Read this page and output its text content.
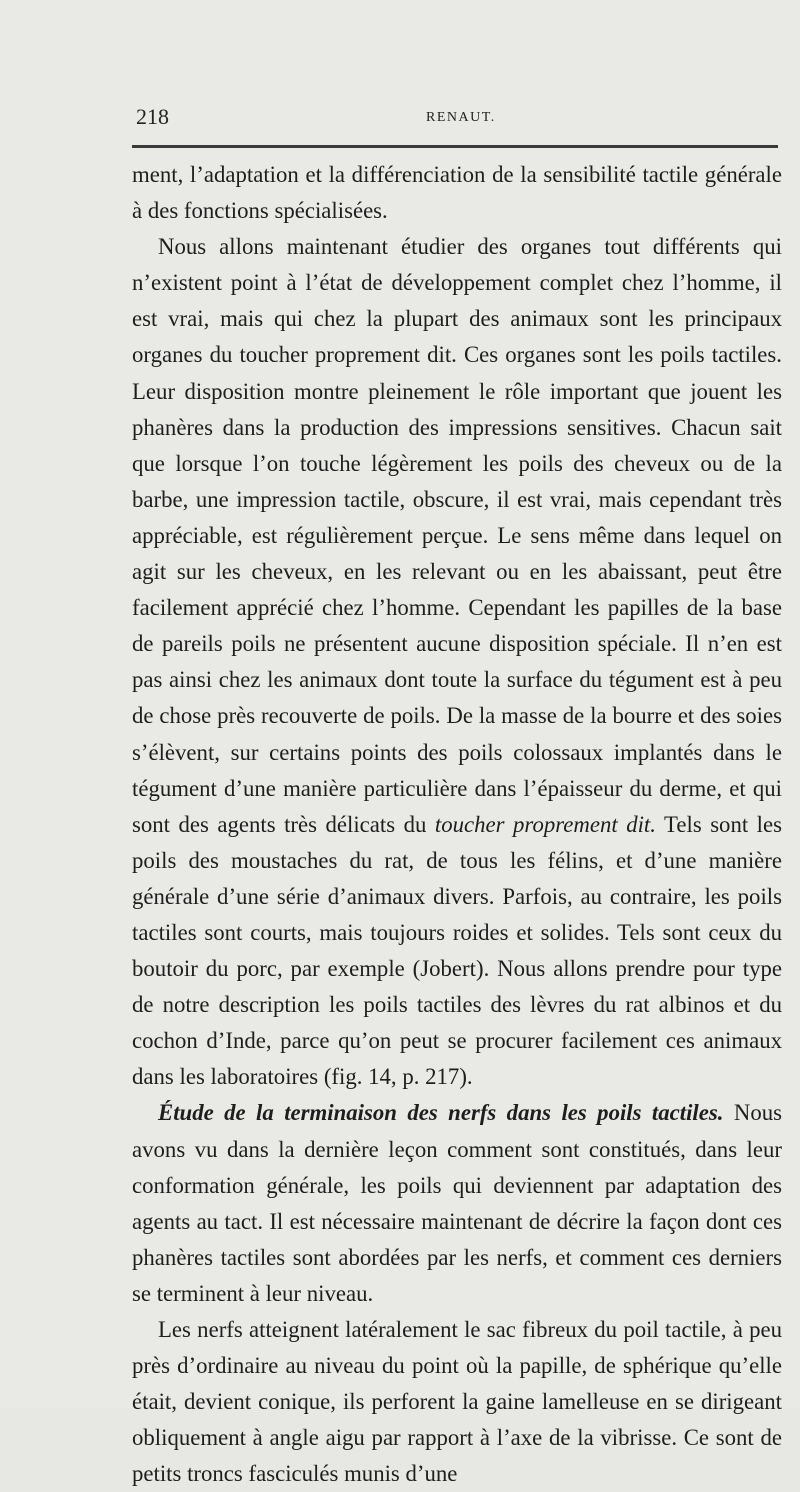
218	RENAUT.

ment, l’adaptation et la différenciation de la sensibilité tactile générale à des fonctions spécialisées.

Nous allons maintenant étudier des organes tout différents qui n’existent point à l’état de développement complet chez l’homme, il est vrai, mais qui chez la plupart des animaux sont les principaux organes du toucher proprement dit. Ces organes sont les poils tactiles. Leur disposition montre pleinement le rôle important que jouent les phanères dans la production des impressions sensitives. Chacun sait que lorsque l’on touche légèrement les poils des cheveux ou de la barbe, une impression tactile, obscure, il est vrai, mais cependant très appréciable, est régulièrement perçue. Le sens même dans lequel on agit sur les cheveux, en les relevant ou en les abaissant, peut être facilement apprécié chez l’homme. Cependant les papilles de la base de pareils poils ne présentent aucune disposition spéciale. Il n’en est pas ainsi chez les animaux dont toute la surface du tégument est à peu de chose près recouverte de poils. De la masse de la bourre et des soies s’élèvent, sur certains points des poils colossaux implantés dans le tégument d’une manière particulière dans l’épaisseur du derme, et qui sont des agents très délicats du toucher proprement dit. Tels sont les poils des moustaches du rat, de tous les félins, et d’une manière générale d’une série d’animaux divers. Parfois, au contraire, les poils tactiles sont courts, mais toujours roides et solides. Tels sont ceux du boutoir du porc, par exemple (Jobert). Nous allons prendre pour type de notre description les poils tactiles des lèvres du rat albinos et du cochon d’Inde, parce qu’on peut se procurer facilement ces animaux dans les laboratoires (fig. 14, p. 217).

Étude de la terminaison des nerfs dans les poils tactiles. Nous avons vu dans la dernière leçon comment sont constitués, dans leur conformation générale, les poils qui deviennent par adaptation des agents au tact. Il est nécessaire maintenant de décrire la façon dont ces phanères tactiles sont abordées par les nerfs, et comment ces derniers se terminent à leur niveau.

Les nerfs atteignent latéralement le sac fibreux du poil tactile, à peu près d’ordinaire au niveau du point où la papille, de sphérique qu’elle était, devient conique, ils perforent la gaine lamelleuse en se dirigeant obliquement à angle aigu par rapport à l’axe de la vibrisse. Ce sont de petits troncs fasciculés munis d’une
